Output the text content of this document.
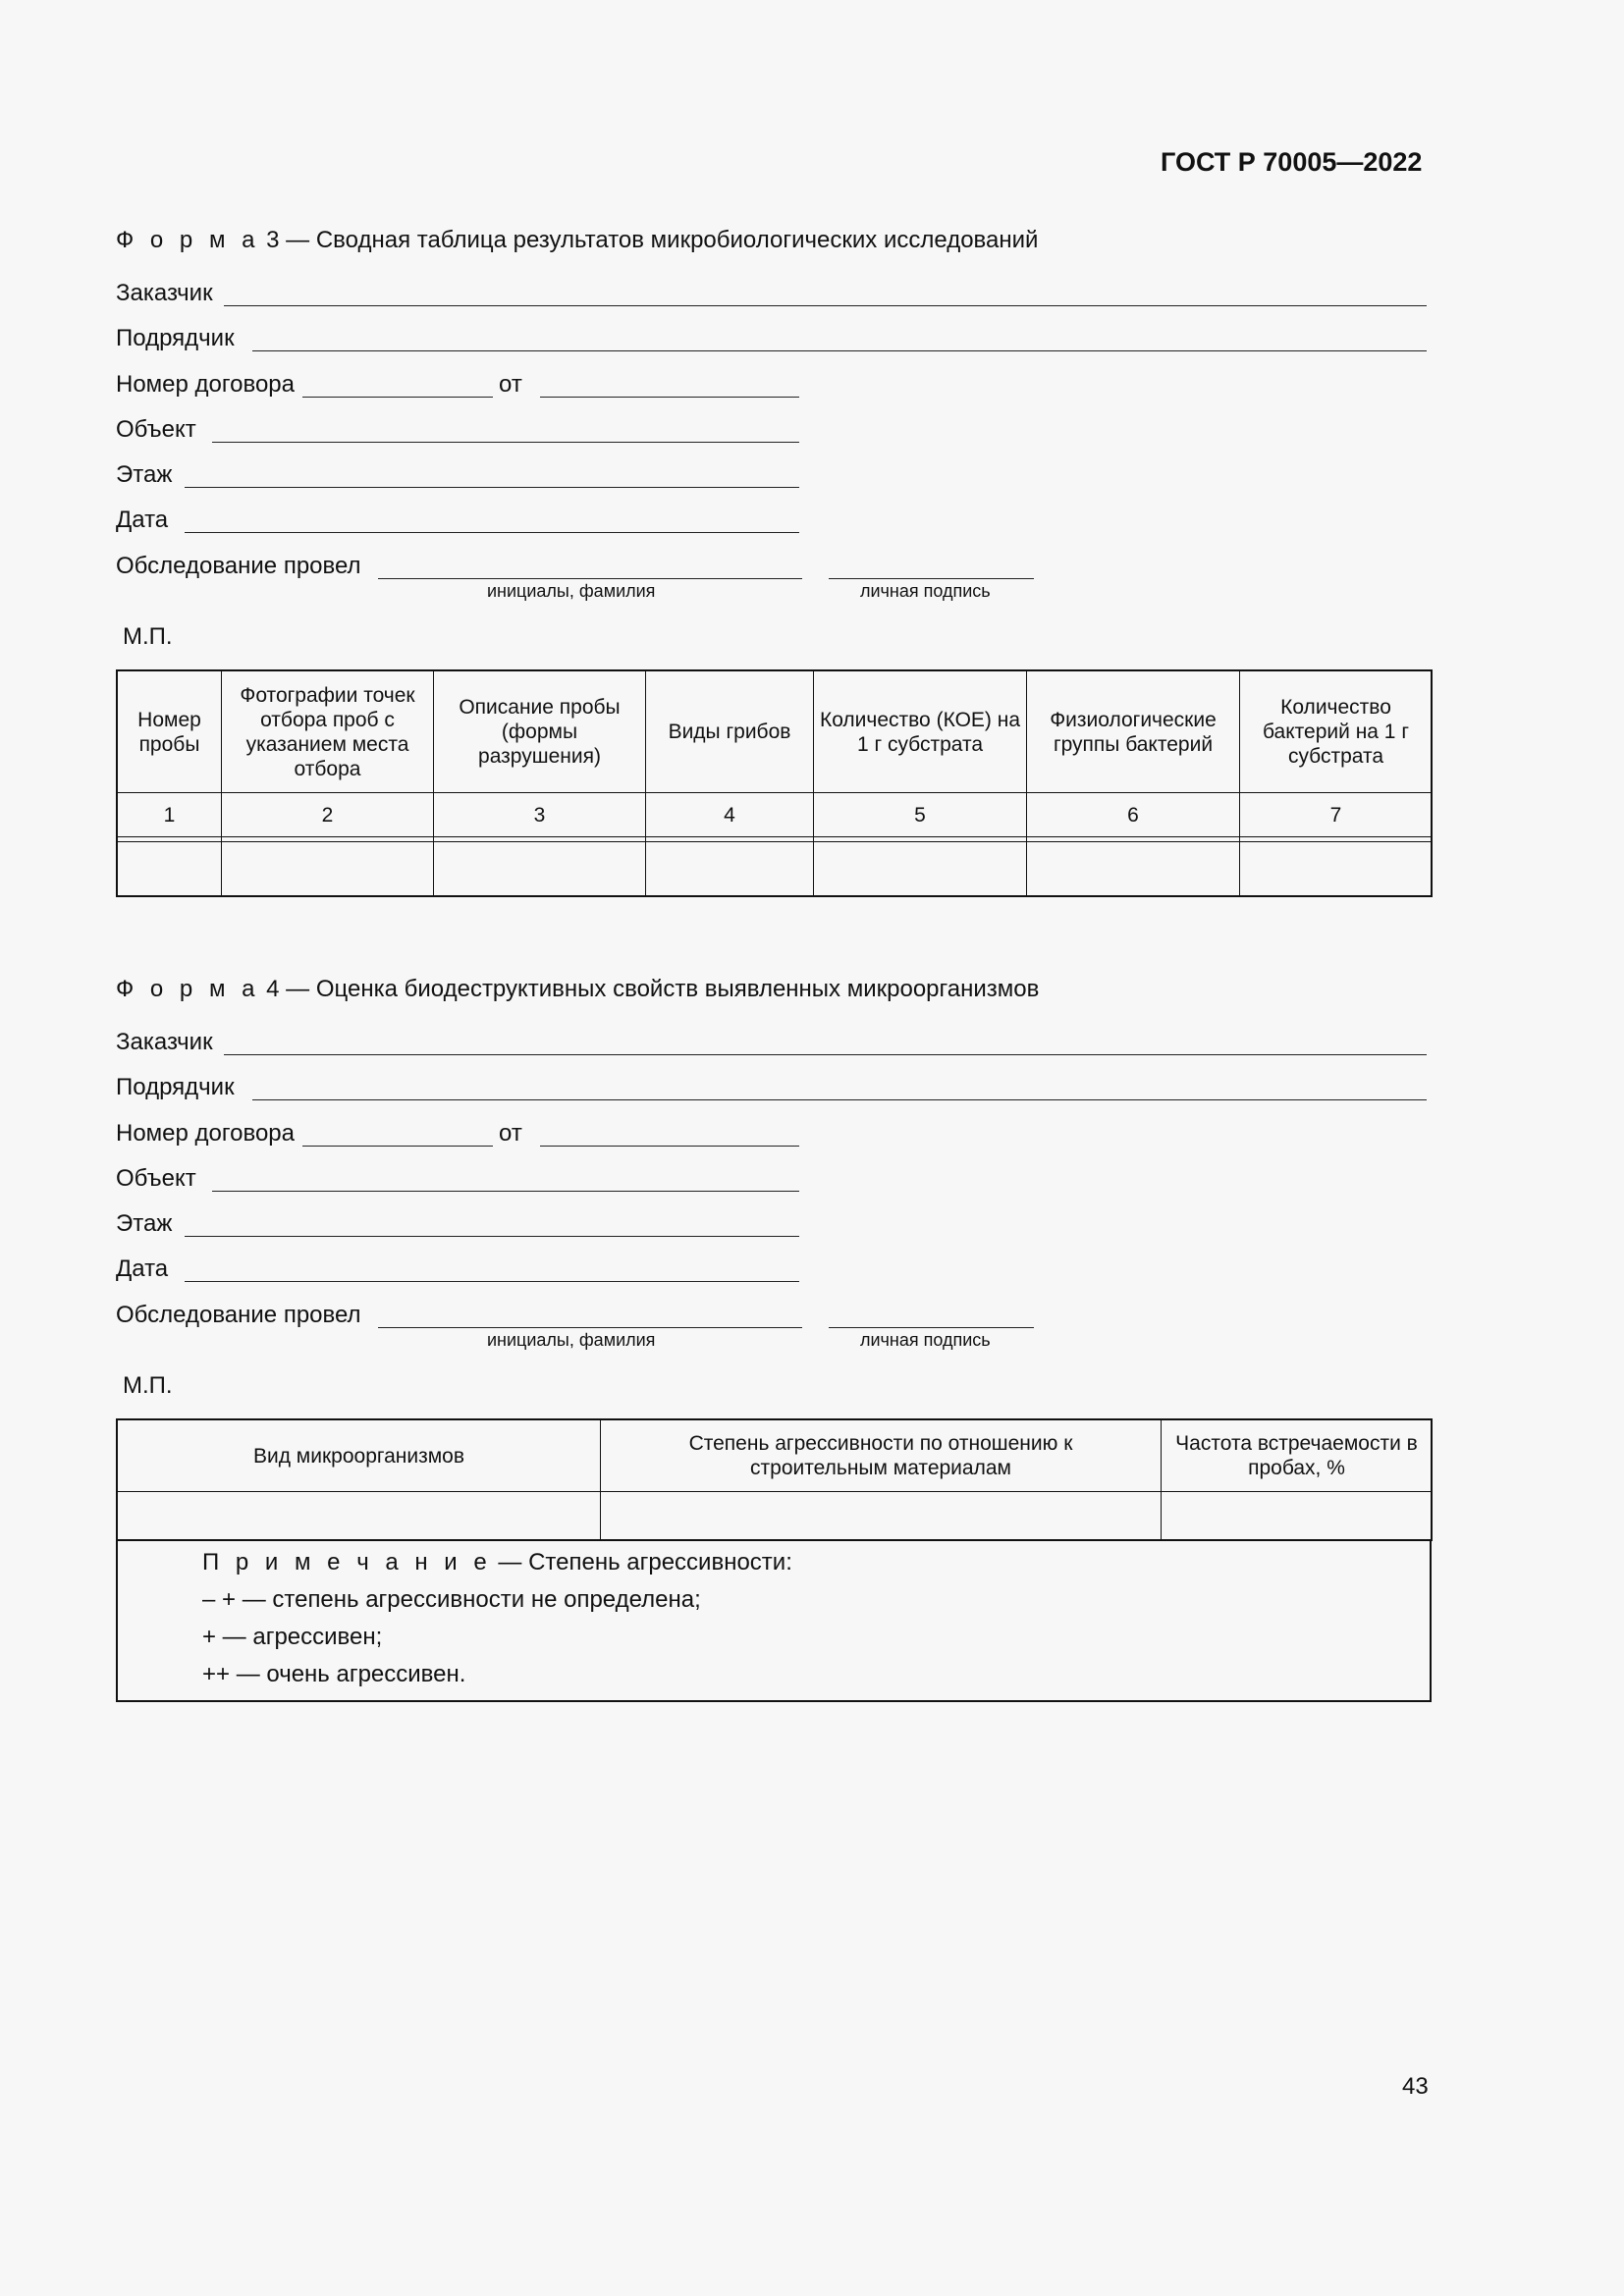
ГОСТ Р 70005—2022
Ф о р м а 3 — Сводная таблица результатов микробиологических исследований
Заказчик
Подрядчик
Номер договора	от
Объект
Этаж
Дата
Обследование провел
инициалы, фамилия	личная подпись
М.П.
Номер пробы	Фотографии точек отбора проб с указанием места отбора	Описание пробы (формы разрушения)	Виды грибов	Количество (КОЕ) на 1 г субстрата	Физиологические группы бактерий	Количество бактерий на 1 г субстрата
1	2	3	4	5	6	7

Ф о р м а 4 — Оценка биодеструктивных свойств выявленных микроорганизмов
Заказчик
Подрядчик
Номер договора	от
Объект
Этаж
Дата
Обследование провел
инициалы, фамилия	личная подпись
М.П.
Вид микроорганизмов	Степень агрессивности по отношению к строительным материалам	Частота встречаемости в пробах, %

П р и м е ч а н и е — Степень агрессивности:
– + — степень агрессивности не определена;
+ — агрессивен;
++ — очень агрессивен.
43
